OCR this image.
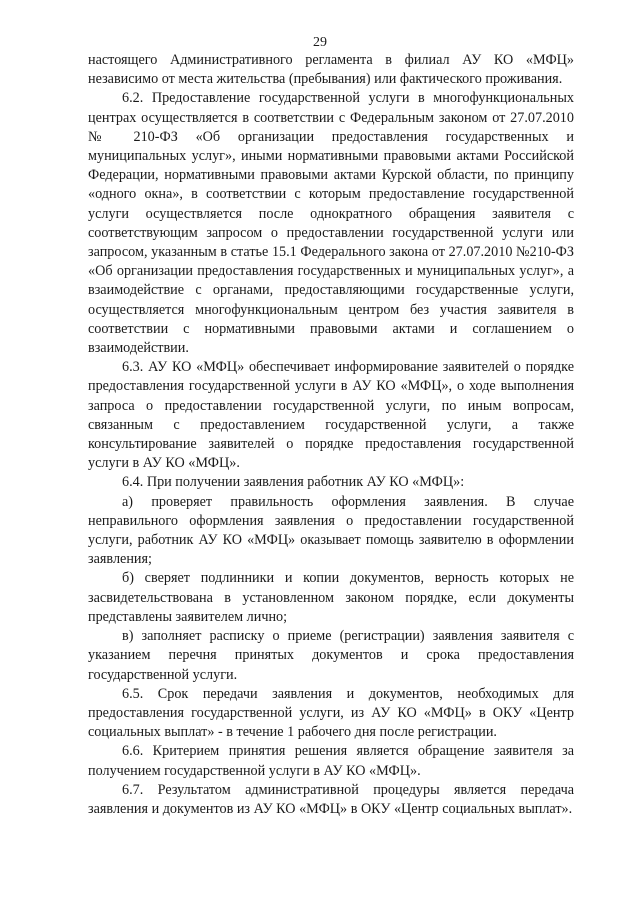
29

настоящего Административного регламента в филиал АУ КО «МФЦ» независимо от места жительства (пребывания) или фактического проживания.

6.2. Предоставление государственной услуги в многофункциональных центрах осуществляется в соответствии с Федеральным законом от 27.07.2010 № 210-ФЗ «Об организации предоставления государственных и муниципальных услуг», иными нормативными правовыми актами Российской Федерации, нормативными правовыми актами Курской области, по принципу «одного окна», в соответствии с которым предоставление государственной услуги осуществляется после однократного обращения заявителя с соответствующим запросом о предоставлении государственной услуги или запросом, указанным в статье 15.1 Федерального закона от 27.07.2010 №210-ФЗ «Об организации предоставления государственных и муниципальных услуг», а взаимодействие с органами, предоставляющими государственные услуги, осуществляется многофункциональным центром без участия заявителя в соответствии с нормативными правовыми актами и соглашением о взаимодействии.

6.3. АУ КО «МФЦ» обеспечивает информирование заявителей о порядке предоставления государственной услуги в АУ КО «МФЦ», о ходе выполнения запроса о предоставлении государственной услуги, по иным вопросам, связанным с предоставлением государственной услуги, а также консультирование заявителей о порядке предоставления государственной услуги в АУ КО «МФЦ».

6.4. При получении заявления работник АУ КО «МФЦ»:

а) проверяет правильность оформления заявления. В случае неправильного оформления заявления о предоставлении государственной услуги, работник АУ КО «МФЦ» оказывает помощь заявителю в оформлении заявления;

б) сверяет подлинники и копии документов, верность которых не засвидетельствована в установленном законом порядке, если документы представлены заявителем лично;

в) заполняет расписку о приеме (регистрации) заявления заявителя с указанием перечня принятых документов и срока предоставления государственной услуги.

6.5. Срок передачи заявления и документов, необходимых для предоставления государственной услуги, из АУ КО «МФЦ» в ОКУ «Центр социальных выплат» - в течение 1 рабочего дня после регистрации.

6.6. Критерием принятия решения является обращение заявителя за получением государственной услуги в АУ КО «МФЦ».

6.7. Результатом административной процедуры является передача заявления и документов из АУ КО «МФЦ» в ОКУ «Центр социальных выплат».
